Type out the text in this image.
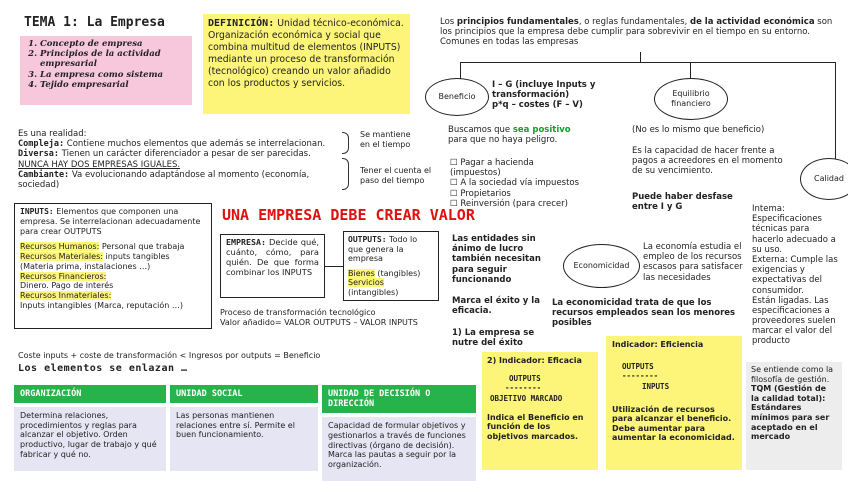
TEMA 1: La Empresa
1. Concepto de empresa
2. Principios de la actividad empresarial
3. La empresa como sistema
4. Tejido empresarial
DEFINICIÓN: Unidad técnico-económica. Organización económica y social que combina multitud de elementos (INPUTS) mediante un proceso de transformación (tecnológico) creando un valor añadido con los productos y servicios.
Los principios fundamentales, o reglas fundamentales, de la actividad económica son los principios que la empresa debe cumplir para sobrevivir en el tiempo en su entorno. Comunes en todas las empresas
Beneficio
I – G (incluye Inputs y transformación)
p*q – costes (F – V)
Equilibrio financiero
Calidad
Es una realidad:
Compleja: Contiene muchos elementos que además se interrelacionan.
Diversa: Tienen un carácter diferenciador a pesar de ser parecidas.
NUNCA HAY DOS EMPRESAS IGUALES.
Cambiante: Va evolucionando adaptándose al momento (economía, sociedad)
Se mantiene en el tiempo
Tener el cuenta el paso del tiempo
INPUTS: Elementos que componen una empresa. Se interrelacionan adecuadamente para crear OUTPUTS
Recursos Humanos: Personal que trabaja
Recursos Materiales: inputs tangibles
(Materia prima, instalaciones …)
Recursos Financieros:
Dinero. Pago de interés
Recursos Inmateriales:
Inputs intangibles (Marca, reputación …)
UNA EMPRESA DEBE CREAR VALOR
EMPRESA: Decide qué, cuánto, cómo, para quién. De que forma combinar los INPUTS
OUTPUTS: Todo lo que genera la empresa
Bienes (tangibles)
Servicios
(intangibles)
Proceso de transformación tecnológico
Valor añadido= VALOR OUTPUTS – VALOR INPUTS
Buscamos que sea positivo para que no haya peligro.
☐ Pagar a hacienda (impuestos)
☐ A la sociedad vía impuestos
☐ Propietarios
☐ Reinversión (para crecer)
Las entidades sin ánimo de lucro también necesitan para seguir funcionando
Marca el éxito y la eficacia.
1) La empresa se nutre del éxito
(No es lo mismo que beneficio)
Es la capacidad de hacer frente a pagos a acreedores en el momento de su vencimiento.
Puede haber desfase entre I y G
Economicidad
La economía estudia el empleo de los recursos escasos para satisfacer las necesidades
La economicidad trata de que los recursos empleados sean los menores posibles
Intema: Especificaciones técnicas para hacerlo adecuado a su uso.
Externa: Cumple las exigencias y expectativas del consumidor.
Están ligadas. Las especificaciones a proveedores suelen marcar el valor del producto
Coste inputs + coste de transformación < Ingresos por outputs = Beneficio
Los elementos se enlazan …
ORGANIZACIÓN
Determina relaciones, procedimientos y reglas para alcanzar el objetivo. Orden productivo, lugar de trabajo y qué fabricar y qué no.
UNIDAD SOCIAL
Las personas mantienen relaciones entre sí. Permite el buen funcionamiento.
UNIDAD DE DECISIÓN O DIRECCIÓN
Capacidad de formular objetivos y gestionarlos a través de funciones directivas (órgano de decisión). Marca las pautas a seguir por la organización.
2) Indicador: Eficacia
OUTPUTS
--------
OBJETIVO MARCADO
Indica el Beneficio en función de los objetivos marcados.
Indicador: Eficiencia
OUTPUTS
--------
INPUTS
Utilización de recursos para alcanzar el beneficio. Debe aumentar para aumentar la economicidad.
Se entiende como la filosofía de gestión.
TQM (Gestión de la calidad total): Estándares mínimos para ser aceptado en el mercado
